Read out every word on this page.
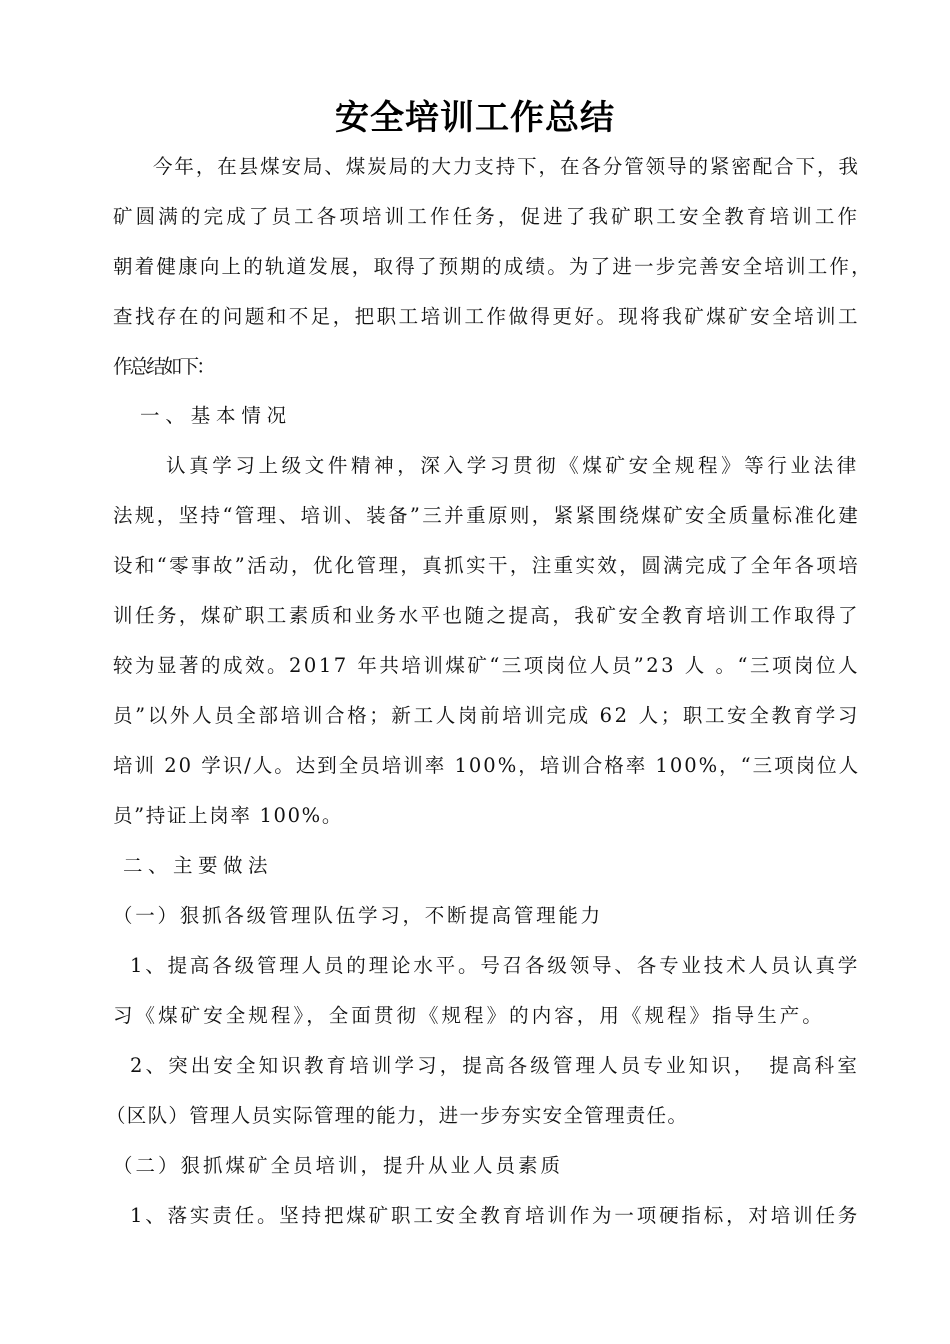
安全培训工作总结
今年，在县煤安局、煤炭局的大力支持下，在各分管领导的紧密配合下，我
矿圆满的完成了员工各项培训工作任务，促进了我矿职工安全教育培训工作
朝着健康向上的轨道发展，取得了预期的成绩。为了进一步完善安全培训工作，
查找存在的问题和不足，把职工培训工作做得更好。现将我矿煤矿安全培训工
作总结如下：
一、基本情况
认真学习上级文件精神，深入学习贯彻《煤矿安全规程》等行业法律
法规，坚持“管理、培训、装备”三并重原则，紧紧围绕煤矿安全质量标准化建
设和“零事故”活动，优化管理，真抓实干，注重实效，圆满完成了全年各项培
训任务，煤矿职工素质和业务水平也随之提高，我矿安全教育培训工作取得了
较为显著的成效。2017 年共培训煤矿“三项岗位人员”23 人 。“三项岗位人
员”以外人员全部培训合格；新工人岗前培训完成 62 人；职工安全教育学习
培训 20 学识/人。达到全员培训率 100%，培训合格率 100%，“三项岗位人
员”持证上岗率 100%。
二、主要做法
（一）狠抓各级管理队伍学习，不断提高管理能力
1、提高各级管理人员的理论水平。号召各级领导、各专业技术人员认真学
习《煤矿安全规程》，全面贯彻《规程》的内容，用《规程》指导生产。
2、突出安全知识教育培训学习，提高各级管理人员专业知识，　提高科室
（区队）管理人员实际管理的能力，进一步夯实安全管理责任。
（二）狠抓煤矿全员培训，提升从业人员素质
1、落实责任。坚持把煤矿职工安全教育培训作为一项硬指标，对培训任务
